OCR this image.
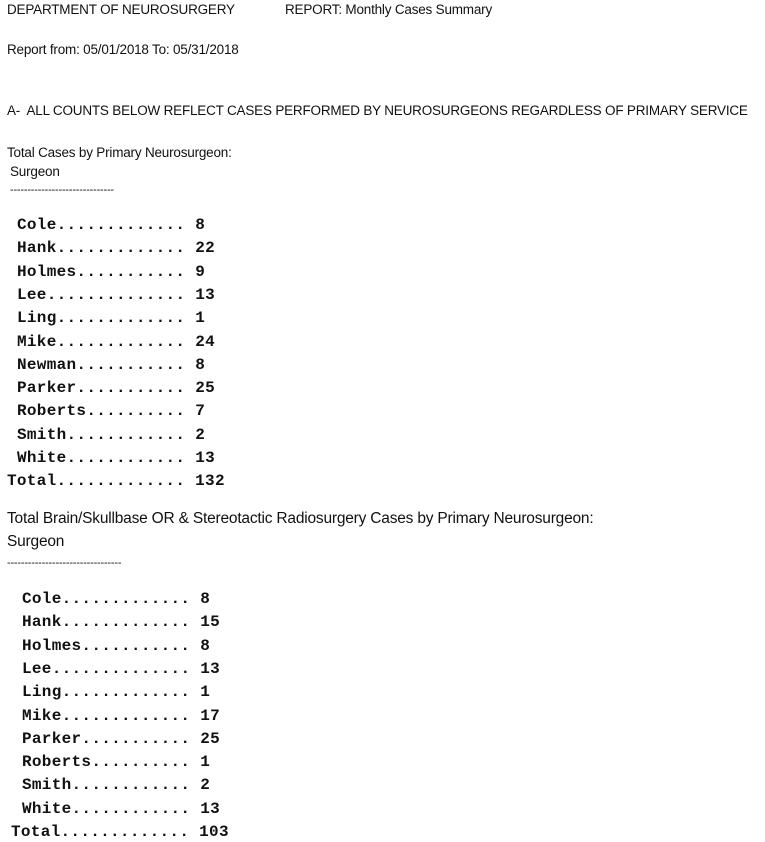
DEPARTMENT OF NEUROSURGERY	REPORT: Monthly Cases Summary
Report from: 05/01/2018 To: 05/31/2018
A-  ALL COUNTS BELOW REFLECT CASES PERFORMED BY NEUROSURGEONS REGARDLESS OF PRIMARY SERVICE
Total Cases by Primary Neurosurgeon:
Surgeon
------------------------------
Cole............. 8
Hank............. 22
Holmes........... 9
Lee.............. 13
Ling............. 1
Mike............. 24
Newman........... 8
Parker........... 25
Roberts.......... 7
Smith............ 2
White............ 13
Total............. 132
Total Brain/Skullbase OR & Stereotactic Radiosurgery Cases by Primary Neurosurgeon:
Surgeon
---------------------------------
Cole............. 8
Hank............. 15
Holmes........... 8
Lee.............. 13
Ling............. 1
Mike............. 17
Parker........... 25
Roberts.......... 1
Smith............ 2
White............ 13
Total............. 103
